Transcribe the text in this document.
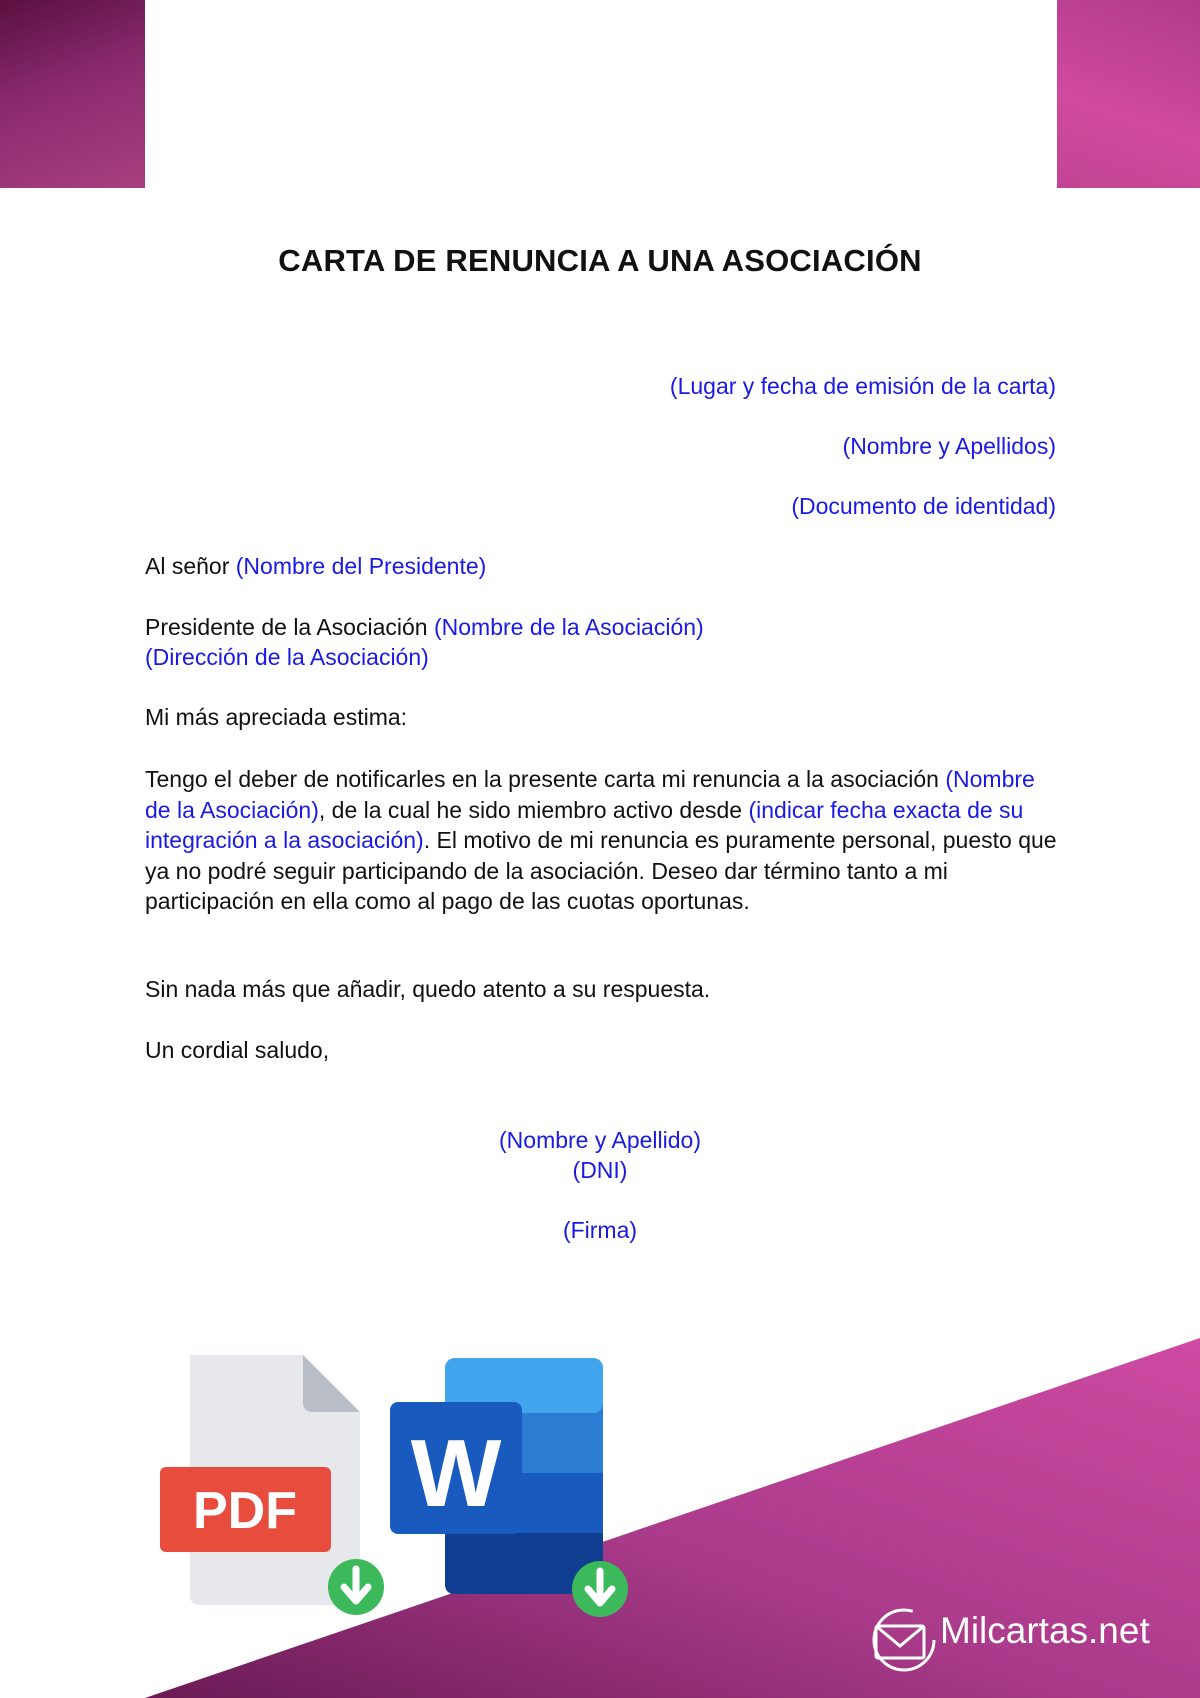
CARTA DE RENUNCIA A UNA ASOCIACIÓN
(Lugar y fecha de emisión de la carta)
(Nombre y Apellidos)
(Documento de identidad)
Al señor (Nombre del Presidente)
Presidente de la Asociación (Nombre de la Asociación)
(Dirección de la Asociación)
Mi más apreciada estima:
Tengo el deber de notificarles en la presente carta mi renuncia a la asociación (Nombre de la Asociación), de la cual he sido miembro activo desde (indicar fecha exacta de su integración a la asociación). El motivo de mi renuncia es puramente personal, puesto que ya no podré seguir participando de la asociación. Deseo dar término tanto a mi participación en ella como al pago de las cuotas oportunas.
Sin nada más que añadir, quedo atento a su respuesta.
Un cordial saludo,
(Nombre y Apellido)
(DNI)
(Firma)
PDF W
Milcartas.net
